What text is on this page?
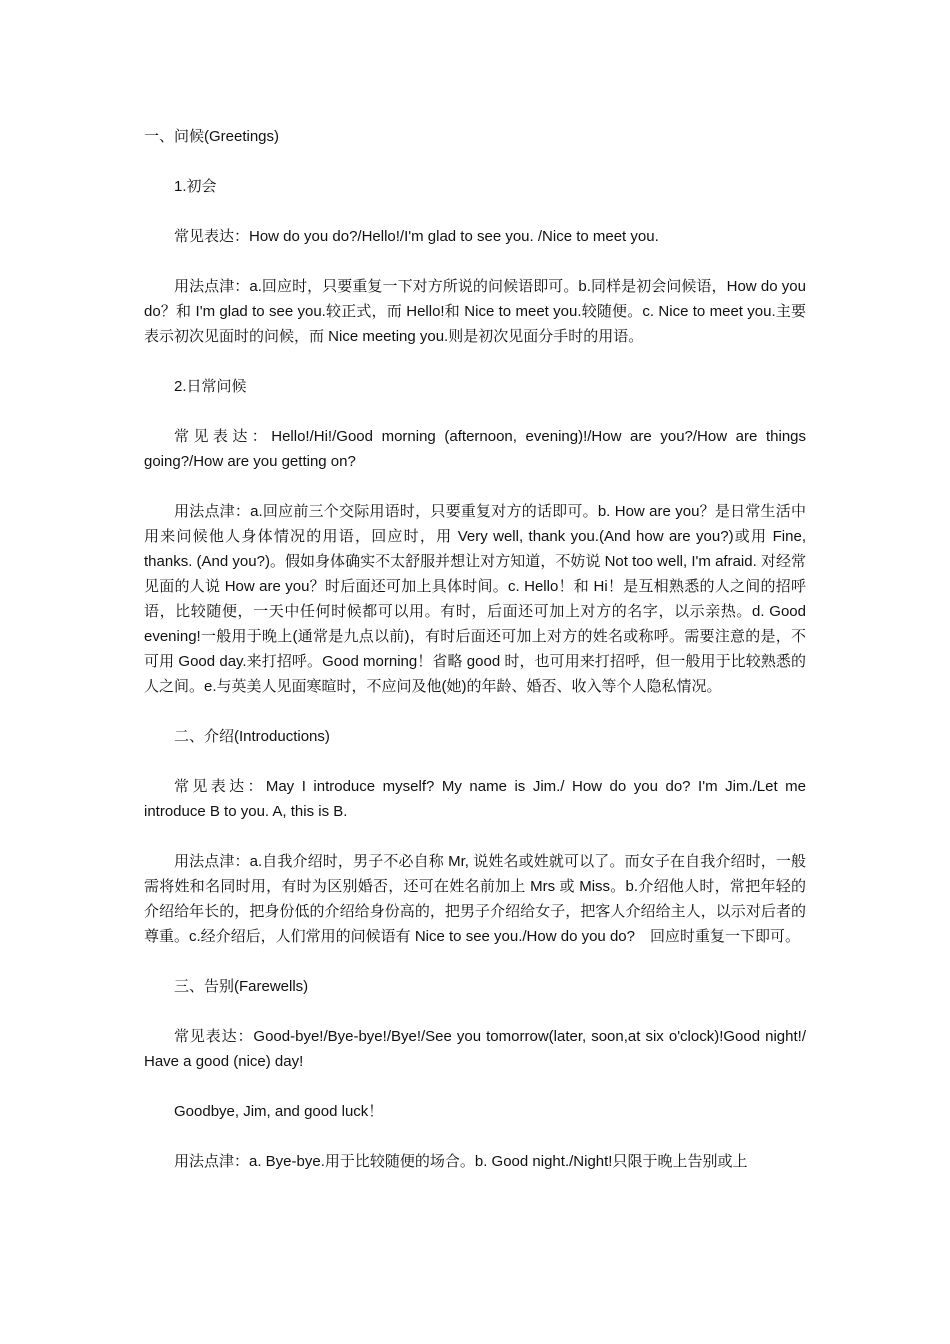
一、问候(Greetings)

1.初会

常见表达：How do you do?/Hello!/I'm glad to see you. /Nice to meet you.

用法点津：a.回应时，只要重复一下对方所说的问候语即可。b.同样是初会问候语，How do you do？和 I'm glad to see you.较正式，而 Hello!和 Nice to meet you.较随便。c. Nice to meet you.主要表示初次见面时的问候，而 Nice meeting you.则是初次见面分手时的用语。

2.日常问候

常见表达：Hello!/Hi!/Good morning (afternoon, evening)!/How are you?/How are things going?/How are you getting on?

用法点津：a.回应前三个交际用语时，只要重复对方的话即可。b. How are you？是日常生活中用来问候他人身体情况的用语，回应时，用 Very well, thank you.(And how are you?)或用 Fine, thanks. (And you?)。假如身体确实不太舒服并想让对方知道，不妨说 Not too well, I'm afraid. 对经常见面的人说 How are you？时后面还可加上具体时间。c. Hello！和 Hi！是互相熟悉的人之间的招呼语，比较随便，一天中任何时候都可以用。有时，后面还可加上对方的名字，以示亲热。d. Good evening!一般用于晚上(通常是九点以前)，有时后面还可加上对方的姓名或称呼。需要注意的是，不可用 Good day.来打招呼。Good morning！省略 good 时，也可用来打招呼，但一般用于比较熟悉的人之间。e.与英美人见面寒暄时，不应问及他(她)的年龄、婚否、收入等个人隐私情况。

二、介绍(Introductions)

常见表达：May I introduce myself? My name is Jim./ How do you do? I'm Jim./Let me introduce B to you. A, this is B.

用法点津：a.自我介绍时，男子不必自称 Mr, 说姓名或姓就可以了。而女子在自我介绍时，一般需将姓和名同时用，有时为区别婚否，还可在姓名前加上 Mrs 或 Miss。b.介绍他人时，常把年轻的介绍给年长的，把身份低的介绍给身份高的，把男子介绍给女子，把客人介绍给主人，以示对后者的尊重。c.经介绍后，人们常用的问候语有 Nice to see you./How do you do?　回应时重复一下即可。

三、告别(Farewells)

常见表达：Good-bye!/Bye-bye!/Bye!/See you tomorrow(later, soon,at six o'clock)!Good night!/ Have a good (nice) day!

Goodbye, Jim, and good luck！

用法点津：a. Bye-bye.用于比较随便的场合。b. Good night./Night!只限于晚上告别或上
